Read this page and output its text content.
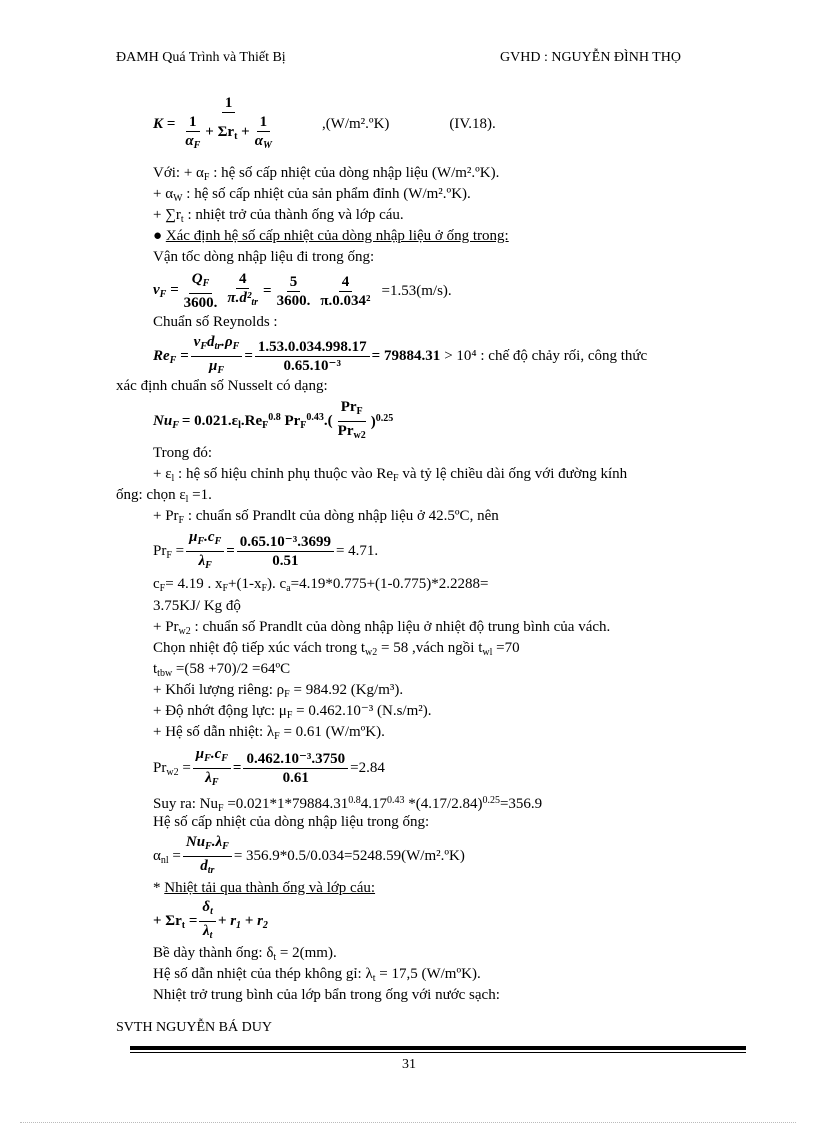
ĐAMH Quá Trình và Thiết Bị	GVHD : NGUYỄN ĐÌNH THỌ
$K = \frac{1}{\frac{1}{\alpha_F} + \Sigma r_t + \frac{1}{\alpha_W}}$	,(W/m².ºK)	(IV.18).
Với: + $\alpha_F$ : hệ số cấp nhiệt của dòng nhập liệu (W/m².ºK).
+ $\alpha_W$ : hệ số cấp nhiệt của sản phẩm đỉnh (W/m².ºK).
+ $\sum r_t$ : nhiệt trở của thành ống và lớp cáu.
● Xác định hệ số cấp nhiệt của dòng nhập liệu ở ống trong:
Vận tốc dòng nhập liệu đi trong ống:
$v_F = \frac{Q_F}{3600.} \frac{4}{\pi.d^2_{tr}} = \frac{5}{3600.} \frac{4}{\text{π.0.034²}} =1.53(m/s)$.
Chuẩn số Reynolds :
$Re_F = \frac{v_Fd_{tr}.\rho_F}{\mu_F} = \frac{1.53.0.034.998.17}{\text{0.65.10⁻³}} = 79884.31 > 10^4$ : chế độ chảy rối, công thức
xác định chuẩn số Nusselt có dạng:
$Nu_F = 0.021.\varepsilon_l.Re_F^{0.8}$ $Pr_F^{0.43}.( \frac{Pr_F}{Pr_{w2}} )^{0.25}$
Trong đó:
+ $\varepsilon_l$ : hệ số hiệu chỉnh phụ thuộc vào $Re_F$ và tỷ lệ chiều dài ống với đường kính
ống: chọn $\varepsilon_l =1$.
+ $Pr_F$ : chuẩn số Prandlt của dòng nhập liệu ở 42.5ºC, nên
$Pr_F = \frac{\mu_F.c_F}{\lambda_F} = \frac{\text{0.65.10⁻³.3699}}{0.51} = 4.71$.
$c_F= 4.19$ . $x_F+(1-x_F)$. $c_a=4.19*0.775+(1-0.775)*2.2288=$
3.75KJ/ Kg độ
+ $Pr_{w2}$ : chuẩn số Prandlt của dòng nhập liệu ở nhiệt độ trung bình của vách.
Chọn nhiệt độ tiếp xúc vách trong $t_{w2} = 58$ ,vách ngồi $t_{wl} =70$
$t_{tbw} =(58 +70)/2$ =64ºC
+ Khối lượng riêng: $\rho_F = 984.92$ (Kg/m³).
+ Độ nhớt động lực: $\mu_F = 0.462.10^{-3}$ (N.s/m²).
+ Hệ số dẫn nhiệt: $\lambda_F = 0.61$ (W/mºK).
$Pr_{w2} = \frac{\mu_F.c_F}{\lambda_F} = \frac{\text{0.462.10⁻³.3750}}{0.61} =2.84$
Suy ra: $Nu_F =0.021*1*79884.31^{0.8}4.17^{0.43}$ $*(4.17/2.84)^{0.25}=356.9$
Hệ số cấp nhiệt của dòng nhập liệu trong ống:
$\alpha_{nl} = \frac{Nu_F.\lambda_F}{d_{tr}}$ = 356.9*0.5/0.034=5248.59(W/m².ºK)
* Nhiệt tải qua thành ống và lớp cáu:
+ $\Sigma r_t = \frac{\delta_t}{\lambda_t} + r_1 + r_2$
Bề dày thành ống: $\delta_t = 2(mm)$.
Hệ số dẫn nhiệt của thép không gỉ: $\lambda_t = 17,5$ (W/mºK).
Nhiệt trở trung bình của lớp bẩn trong ống với nước sạch:
SVTH NGUYỄN BÁ DUY
31
